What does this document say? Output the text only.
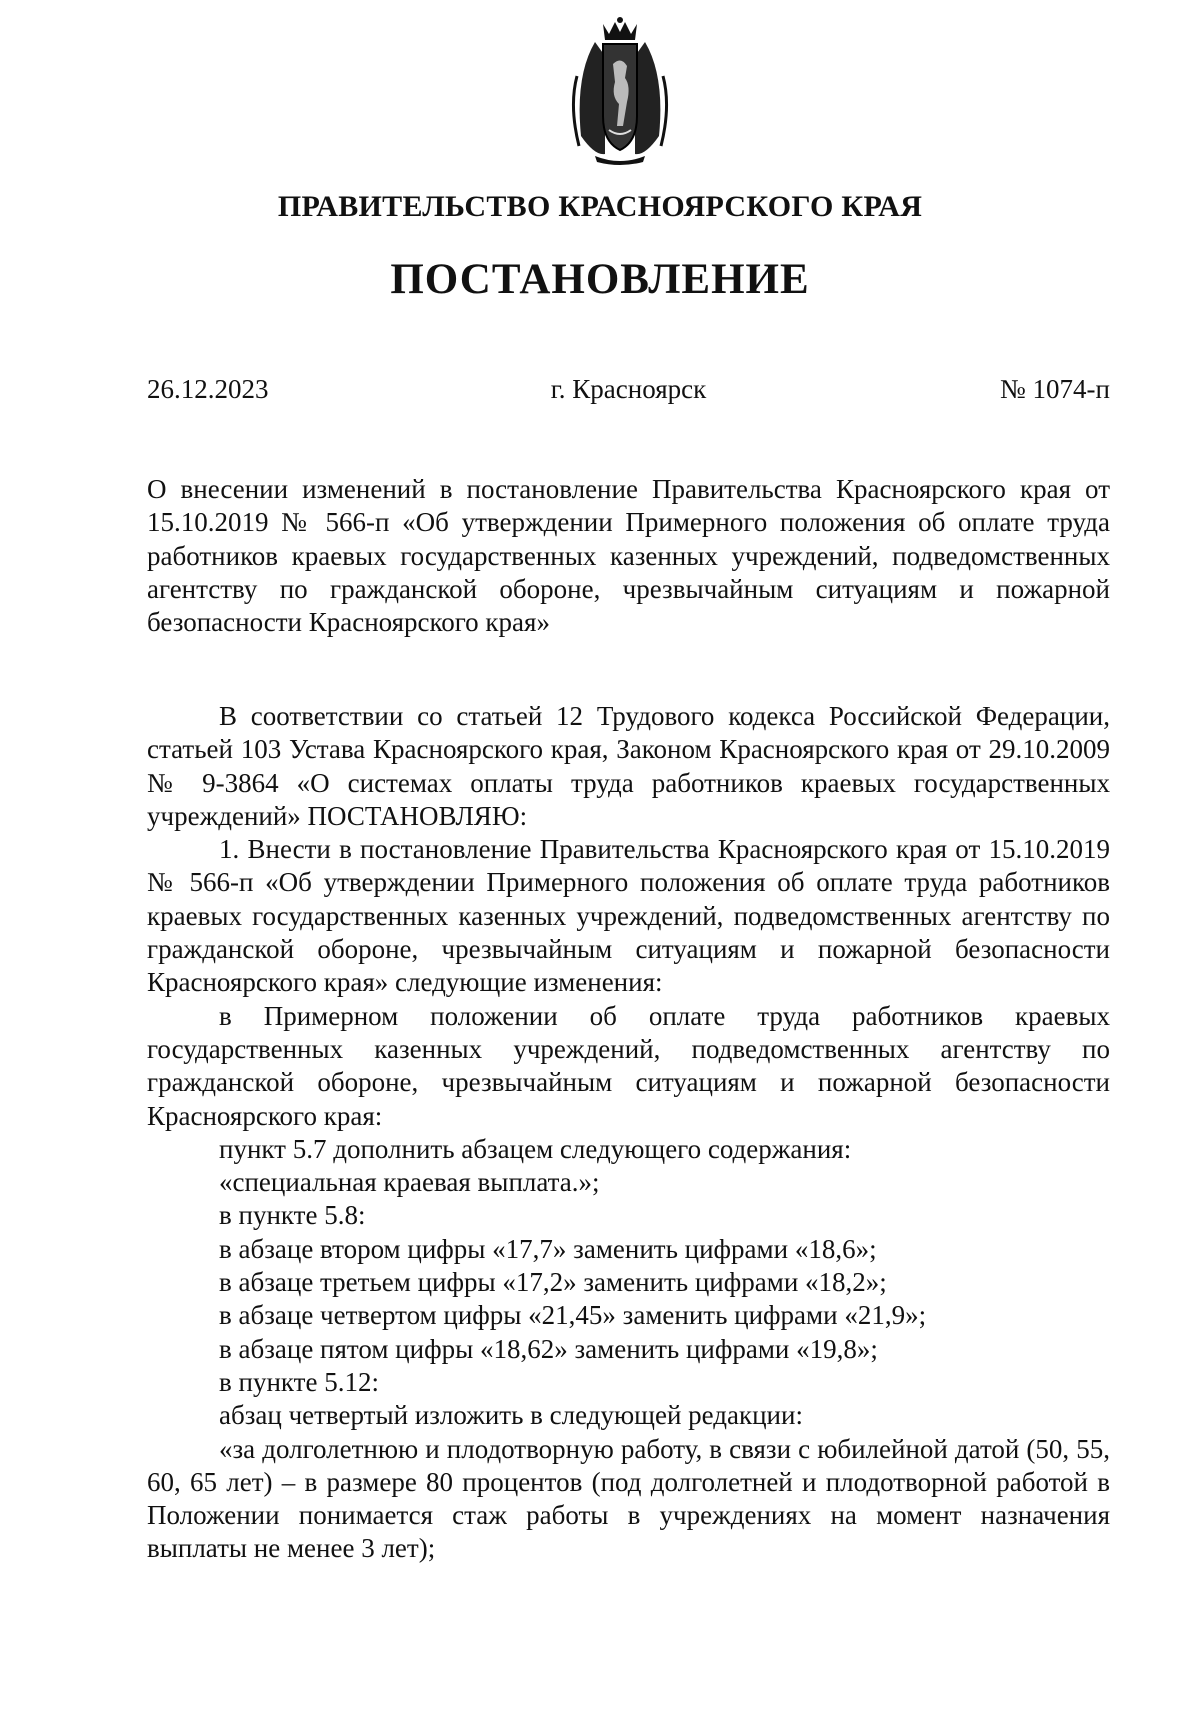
ПРАВИТЕЛЬСТВО КРАСНОЯРСКОГО КРАЯ
ПОСТАНОВЛЕНИЕ
26.12.2023	г. Красноярск	№ 1074-п
О внесении изменений в постановление Правительства Красноярского края от 15.10.2019 № 566-п «Об утверждении Примерного положения об оплате труда работников краевых государственных казенных учреждений, подведомственных агентству по гражданской обороне, чрезвычайным ситуациям и пожарной безопасности Красноярского края»

В соответствии со статьей 12 Трудового кодекса Российской Федерации, статьей 103 Устава Красноярского края, Законом Красноярского края от 29.10.2009 № 9-3864 «О системах оплаты труда работников краевых государственных учреждений» ПОСТАНОВЛЯЮ:

1. Внести в постановление Правительства Красноярского края от 15.10.2019 № 566-п «Об утверждении Примерного положения об оплате труда работников краевых государственных казенных учреждений, подведомственных агентству по гражданской обороне, чрезвычайным ситуациям и пожарной безопасности Красноярского края» следующие изменения:

в Примерном положении об оплате труда работников краевых государственных казенных учреждений, подведомственных агентству по гражданской обороне, чрезвычайным ситуациям и пожарной безопасности Красноярского края:

пункт 5.7 дополнить абзацем следующего содержания:

«специальная краевая выплата.»;

в пункте 5.8:

в абзаце втором цифры «17,7» заменить цифрами «18,6»;

в абзаце третьем цифры «17,2» заменить цифрами «18,2»;

в абзаце четвертом цифры «21,45» заменить цифрами «21,9»;

в абзаце пятом цифры «18,62» заменить цифрами «19,8»;

в пункте 5.12:

абзац четвертый изложить в следующей редакции:

«за долголетнюю и плодотворную работу, в связи с юбилейной датой (50, 55, 60, 65 лет) – в размере 80 процентов (под долголетней и плодотворной работой в Положении понимается стаж работы в учреждениях на момент назначения выплаты не менее 3 лет);
